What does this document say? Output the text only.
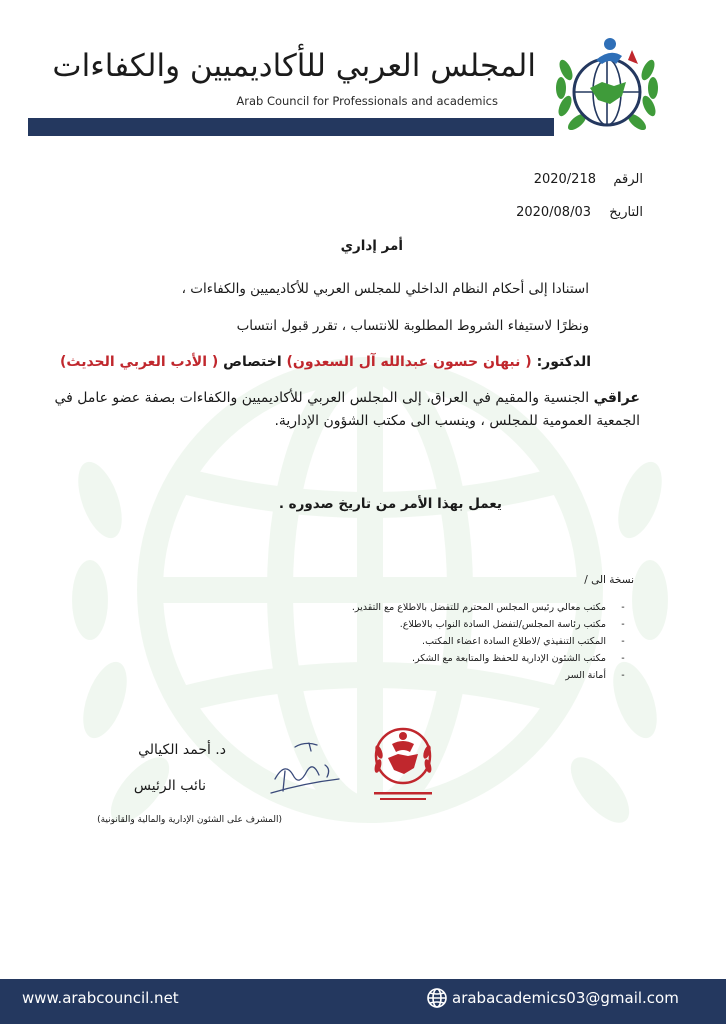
المجلس العربي للأكاديميين والكفاءات
Arab Council for Professionals and academics
الرقم
2020/218
التاريخ
2020/08/03
أمر إداري
استنادا إلى أحكام النظام الداخلي للمجلس العربي للأكاديميين والكفاءات ،
ونظرًا لاستيفاء الشروط المطلوبة للانتساب ، تقرر قبول انتساب
الدكتور: ( نبهان حسون عبدالله آل السعدون) اختصاص ( الأدب العربي الحديث)
عراقي الجنسية والمقيم في العراق، إلى المجلس العربي للأكاديميين والكفاءات بصفة عضو عامل في الجمعية العمومية للمجلس ، وينسب الى مكتب الشؤون الإدارية.
يعمل بهذا الأمر من تاريخ صدوره .
نسخة الى /
-مكتب معالي رئيس المجلس المحترم للتفضل بالاطلاع مع التقدير.
-مكتب رئاسة المجلس/لتفضل السادة النواب بالاطلاع.
-المكتب التنفيذي /لاطلاع السادة اعضاء المكتب.
-مكتب الشئون الإدارية للحفظ والمتابعة مع الشكر.
-أمانة السر
د. أحمد الكيالي
نائب الرئيس
(المشرف على الشئون الإدارية والمالية والقانونية)
www.arabcouncil.net	arabacademics03@gmail.com
